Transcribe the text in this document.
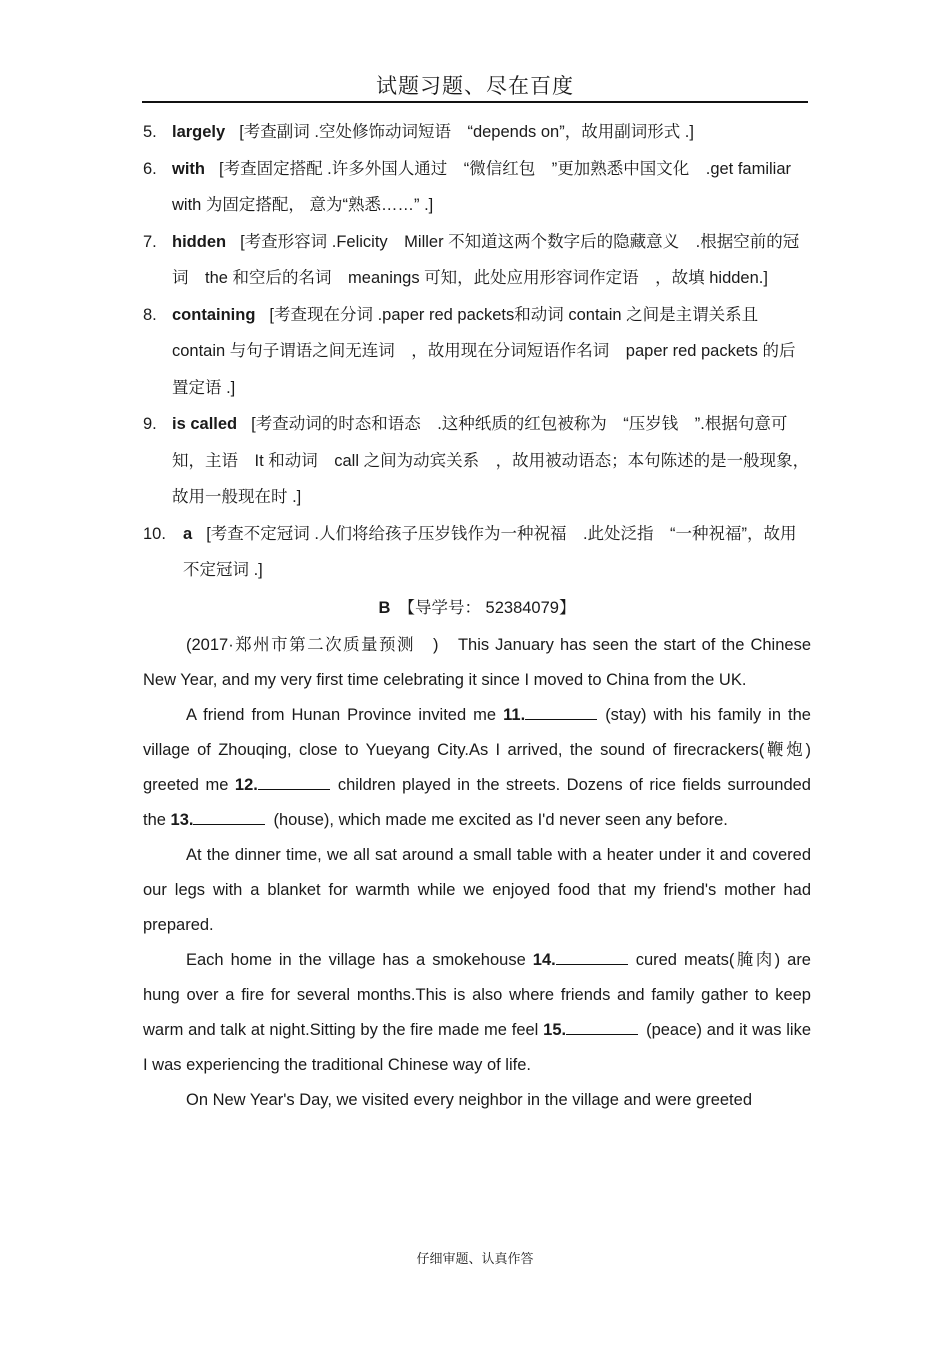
试题习题、尽在百度
5. largely [考查副词 .空处修饰动词短语　“depends on”，故用副词形式 .]
6. with [考查固定搭配 .许多外国人通过　“微信红包　”更加熟悉中国文化　.get familiar with 为固定搭配， 意为“熟悉……” .]
7. hidden [考查形容词 .Felicity　Miller 不知道这两个数字后的隐藏意义　.根据空前的冠词　the 和空后的名词　meanings 可知，此处应用形容词作定语　，故填 hidden.]
8. containing [考查现在分词 .paper red packets和动词 contain 之间是主谓关系且 contain 与句子谓语之间无连词　，故用现在分词短语作名词　paper red packets 的后置定语 .]
9. is called [考查动词的时态和语态　.这种纸质的红包被称为　“压岁钱　”.根据句意可知，主语　It 和动词　call 之间为动宾关系　，故用被动语态；本句陈述的是一般现象，故用一般现在时 .]
10.	a [考查不定冠词 .人们将给孩子压岁钱作为一种祝福　.此处泛指　“一种祝福”，故用不定冠词 .]
B 【导学号： 52384079】

(2017·郑州市第二次质量预测　)　This January has seen the start of the Chinese New Year, and my very first time celebrating it since I moved to China from the UK.

A friend from Hunan Province invited me 11.	(stay) with his family in the village of Zhouqing, close to Yueyang City.As I arrived, the sound of firecrackers(鞭炮) greeted me 12.	children played in the streets. Dozens of rice fields surrounded the 13.	(house), which made me excited as I'd never seen any before.

At the dinner time, we all sat around a small table with a heater under it and covered our legs with a blanket for warmth while we enjoyed food that my friend's mother had prepared.

Each home in the village has a smokehouse 14.	cured meats(腌肉) are hung over a fire for several months.This is also where friends and family gather to keep warm and talk at night.Sitting by the fire made me feel 15.	(peace) and it was like I was experiencing the traditional Chinese way of life.

On New Year's Day, we visited every neighbor in the village and were greeted

仔细审题、认真作答
